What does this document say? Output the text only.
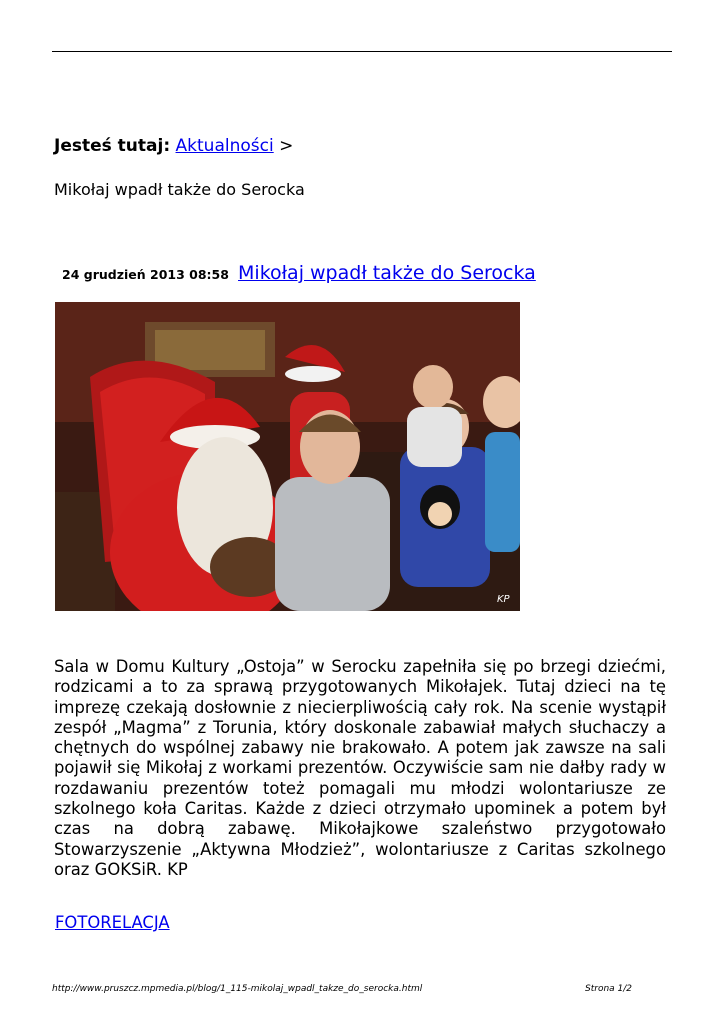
Jesteś tutaj: Aktualności >
Mikołaj wpadł także do Serocka
24 grudzień 2013 08:58 Mikołaj wpadł także do Serocka
KP
Sala w Domu Kultury „Ostoja” w Serocku zapełniła się po brzegi dziećmi, rodzicami a to za sprawą przygotowanych Mikołajek. Tutaj dzieci na tę imprezę czekają dosłownie z niecierpliwością cały rok. Na scenie wystąpił zespół „Magma” z Torunia, który doskonale zabawiał małych słuchaczy a chętnych do wspólnej zabawy nie brakowało. A potem jak zawsze na sali pojawił się Mikołaj z workami prezentów. Oczywiście sam nie dałby rady w rozdawaniu prezentów toteż pomagali mu młodzi wolontariusze ze szkolnego koła Caritas. Każde z dzieci otrzymało upominek a potem był czas na dobrą zabawę. Mikołajkowe szaleństwo przygotowało Stowarzyszenie „Aktywna Młodzież”, wolontariusze z Caritas szkolnego oraz GOKSiR. KP
FOTORELACJA
http://www.pruszcz.mpmedia.pl/blog/1_115-mikolaj_wpadl_takze_do_serocka.html	Strona 1/2
